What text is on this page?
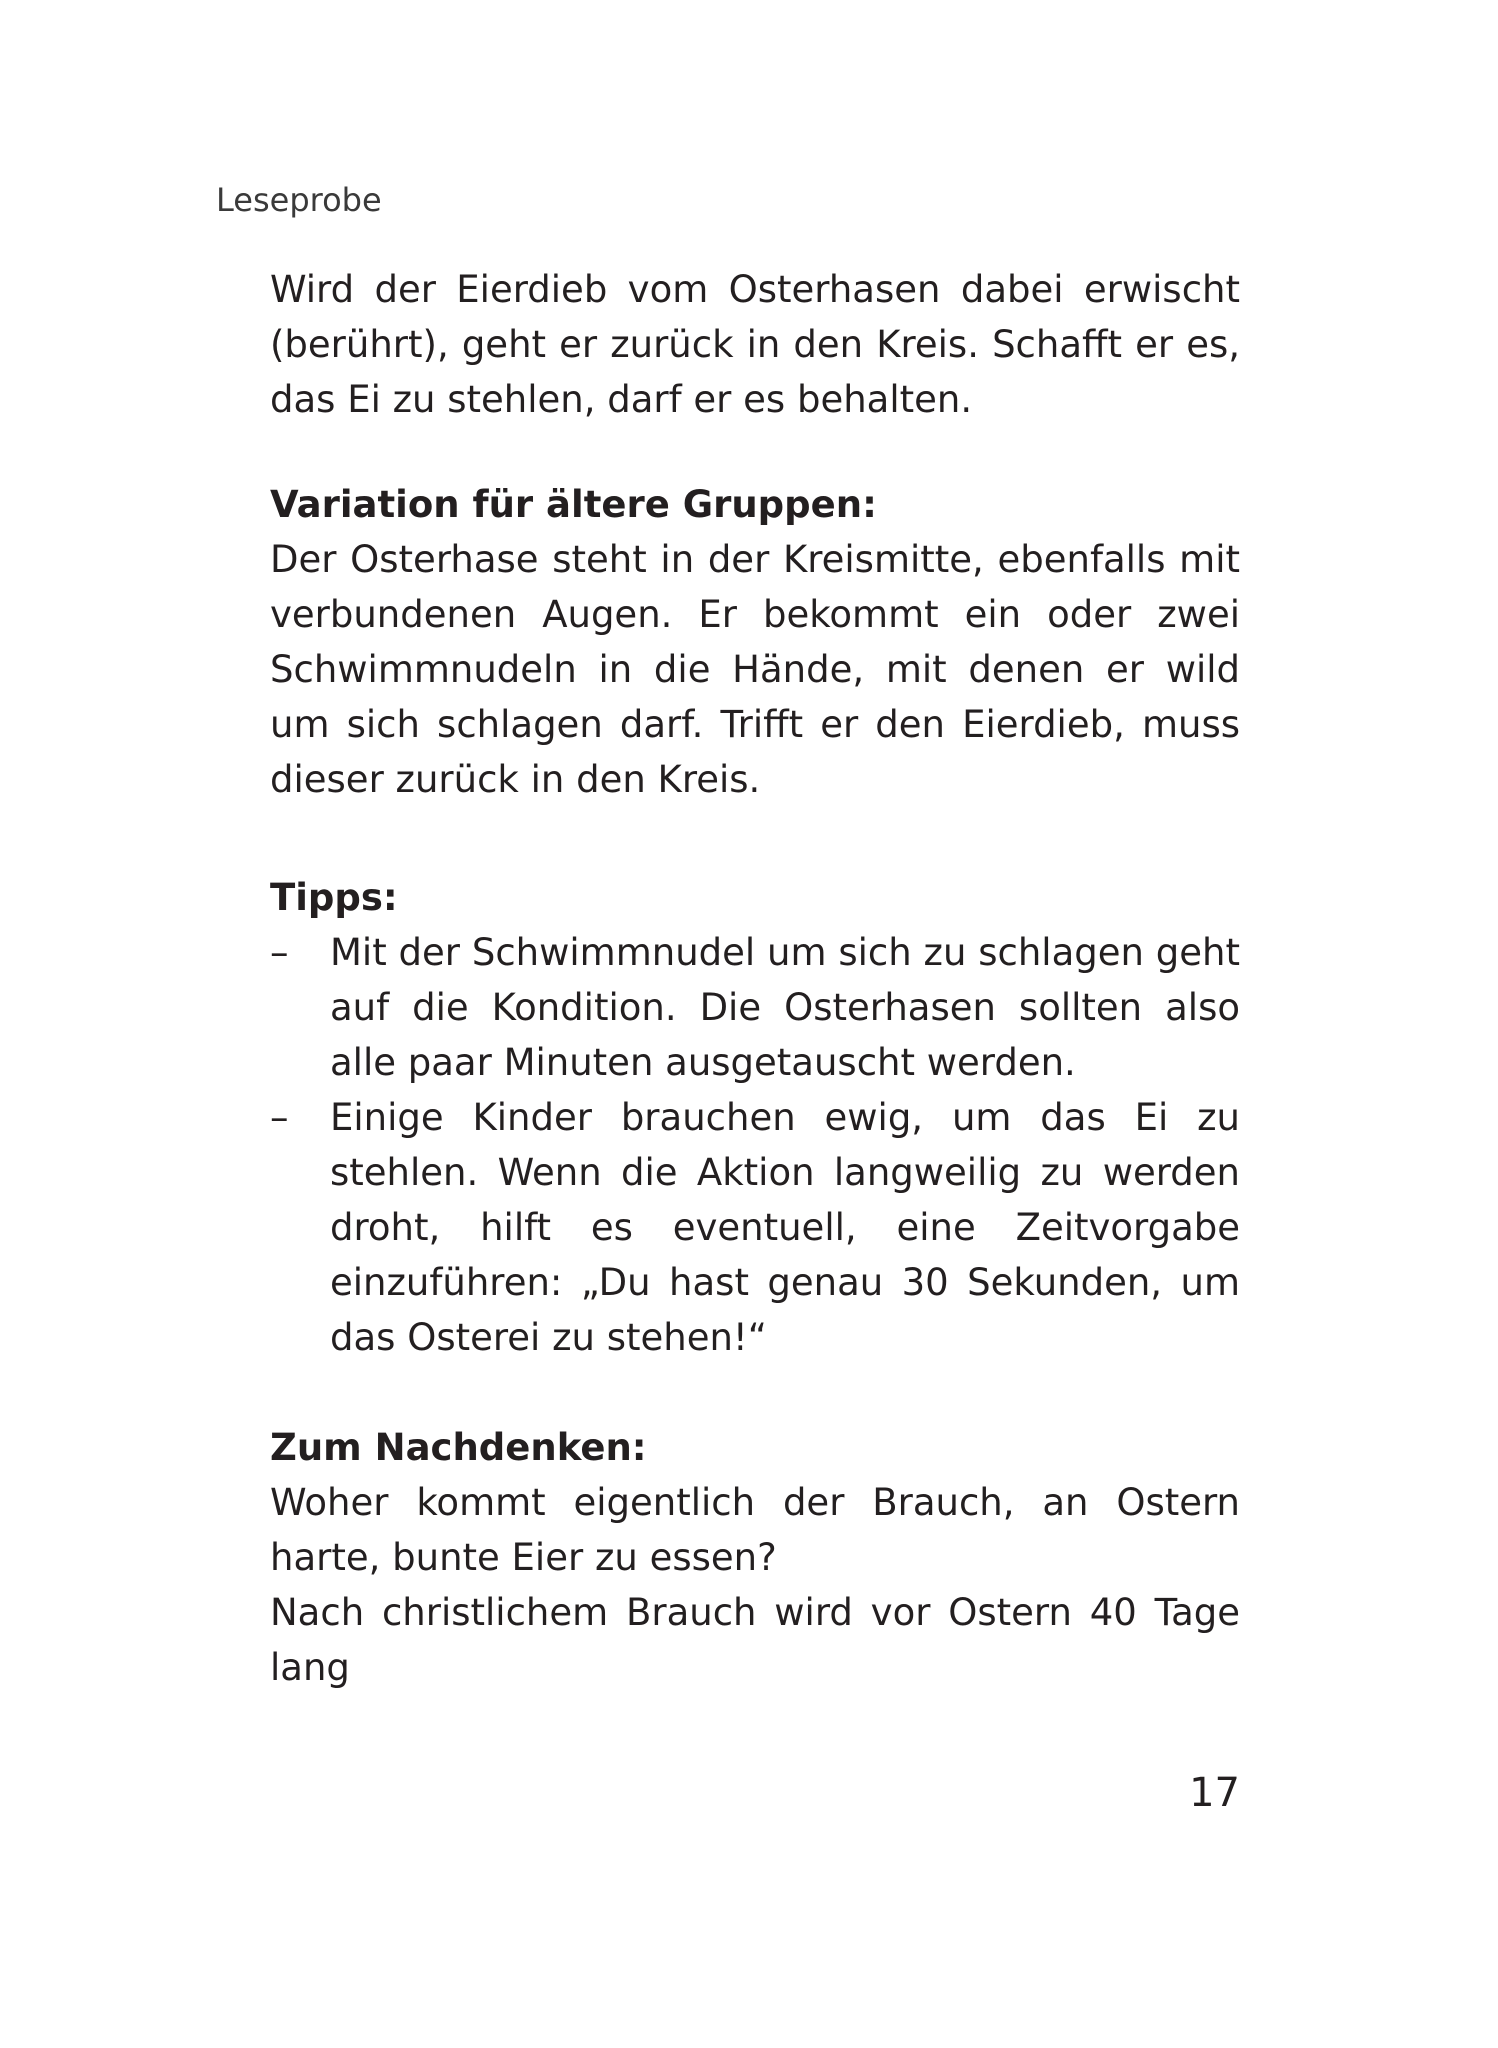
Leseprobe
Wird der Eierdieb vom Osterhasen dabei erwischt (berührt), geht er zurück in den Kreis. Schafft er es, das Ei zu stehlen, darf er es behalten.
Variation für ältere Gruppen:
Der Osterhase steht in der Kreismitte, ebenfalls mit verbundenen Augen. Er bekommt ein oder zwei Schwimmnudeln in die Hände, mit denen er wild um sich schlagen darf. Trifft er den Eierdieb, muss dieser zurück in den Kreis.
Tipps:
– Mit der Schwimmnudel um sich zu schlagen geht auf die Kondition. Die Osterhasen sollten also alle paar Minuten ausgetauscht werden.
– Einige Kinder brauchen ewig, um das Ei zu stehlen. Wenn die Aktion langweilig zu werden droht, hilft es eventuell, eine Zeitvorgabe einzuführen: „Du hast genau 30 Sekunden, um das Osterei zu stehen!“
Zum Nachdenken:
Woher kommt eigentlich der Brauch, an Ostern harte, bunte Eier zu essen?
Nach christlichem Brauch wird vor Ostern 40 Tage lang
17
